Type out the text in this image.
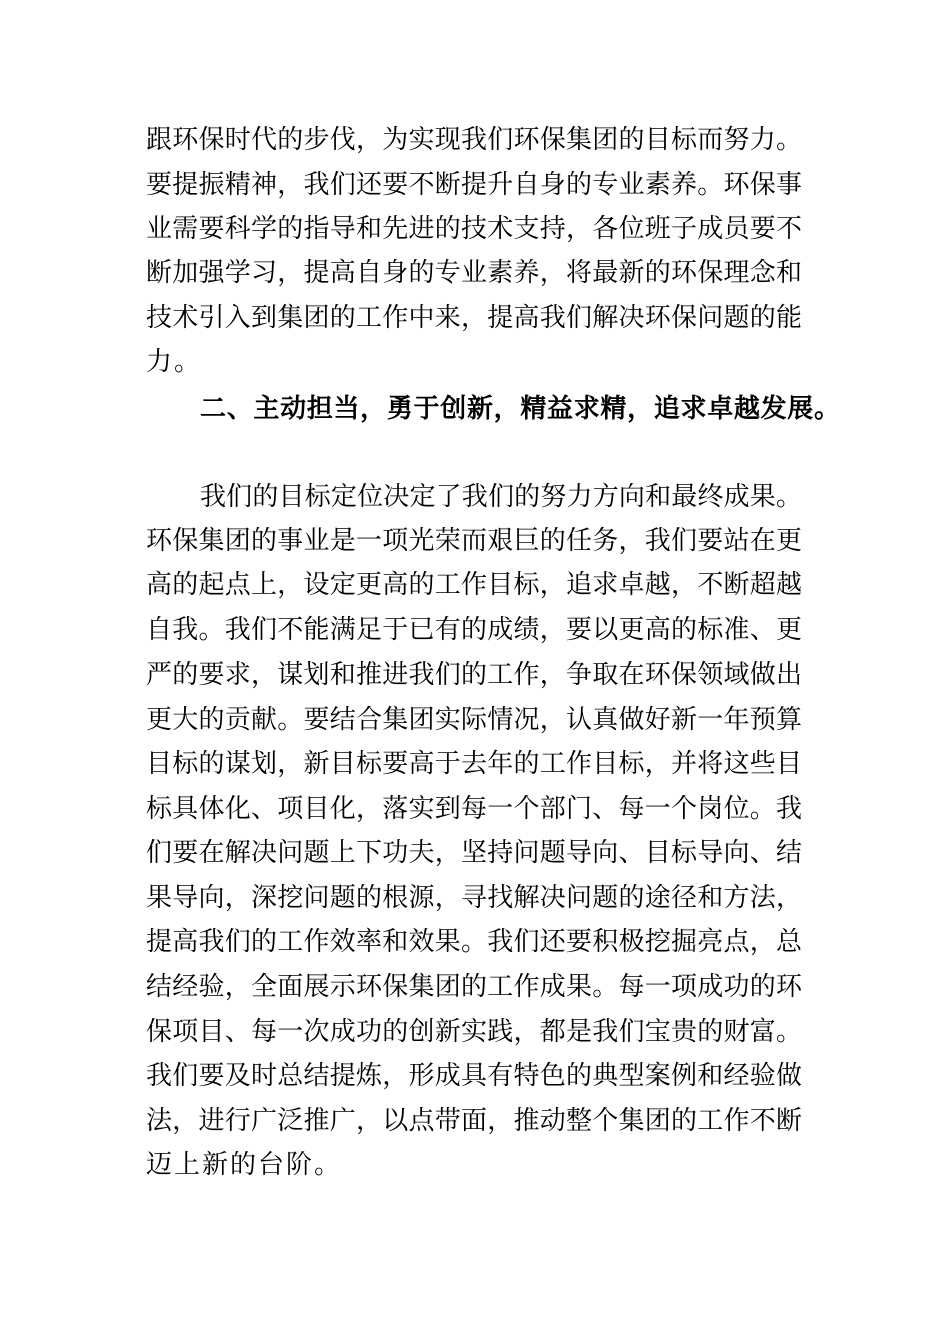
跟环保时代的步伐，为实现我们环保集团的目标而努力。
要提振精神，我们还要不断提升自身的专业素养。环保事
业需要科学的指导和先进的技术支持，各位班子成员要不
断加强学习，提高自身的专业素养，将最新的环保理念和
技术引入到集团的工作中来，提高我们解决环保问题的能
力。
二、主动担当，勇于创新，精益求精，追求卓越发展。
我们的目标定位决定了我们的努力方向和最终成果。
环保集团的事业是一项光荣而艰巨的任务，我们要站在更
高的起点上，设定更高的工作目标，追求卓越，不断超越
自我。我们不能满足于已有的成绩，要以更高的标准、更
严的要求，谋划和推进我们的工作，争取在环保领域做出
更大的贡献。要结合集团实际情况，认真做好新一年预算
目标的谋划，新目标要高于去年的工作目标，并将这些目
标具体化、项目化，落实到每一个部门、每一个岗位。我
们要在解决问题上下功夫，坚持问题导向、目标导向、结
果导向，深挖问题的根源，寻找解决问题的途径和方法，
提高我们的工作效率和效果。我们还要积极挖掘亮点，总
结经验，全面展示环保集团的工作成果。每一项成功的环
保项目、每一次成功的创新实践，都是我们宝贵的财富。
我们要及时总结提炼，形成具有特色的典型案例和经验做
法，进行广泛推广，以点带面，推动整个集团的工作不断
迈上新的台阶。
